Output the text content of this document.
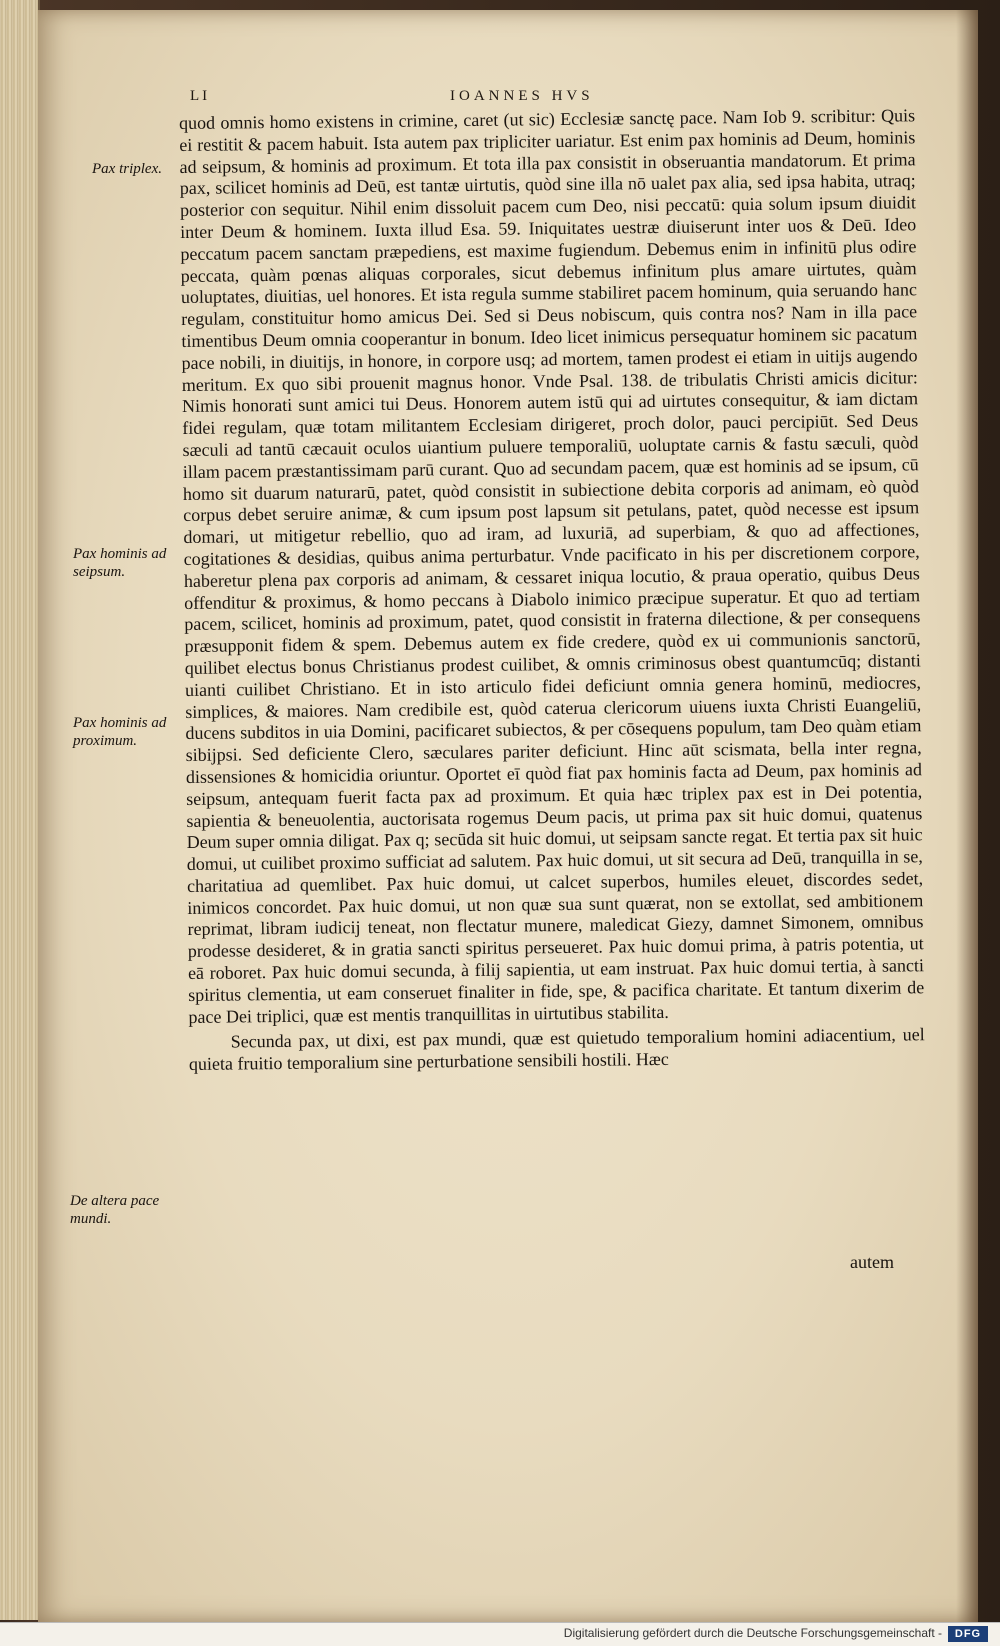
LI	IOANNES HVS
Pax triplex.
Pax hominis ad seipsum.
Pax hominis ad proximum.
De altera pace mundi.

quod omnis homo existens in crimine, caret (ut sic) Ecclesiæ sanctę pace. Nam Iob 9. scribitur: Quis ei restitit & pacem habuit. Ista autem pax tripliciter uariatur. Est enim pax hominis ad Deum, hominis ad seipsum, & hominis ad proximum. Et tota illa pax consistit in obseruantia mandatorum. Et prima pax, scilicet hominis ad Deū, est tantæ uirtutis, quòd sine illa nō ualet pax alia, sed ipsa habita, utraq; posterior con sequitur. Nihil enim dissoluit pacem cum Deo, nisi peccatū: quia solum ipsum diuidit inter Deum & hominem. Iuxta illud Esa. 59. Iniquitates uestræ diuiserunt inter uos & Deū. Ideo peccatum pacem sanctam præpediens, est maxime fugiendum. Debemus enim in infinitū plus odire peccata, quàm pœnas aliquas corporales, sicut debemus infinitum plus amare uirtutes, quàm uoluptates, diuitias, uel honores. Et ista regula summe stabiliret pacem hominum, quia seruando hanc regulam, constituitur homo amicus Dei. Sed si Deus nobiscum, quis contra nos? Nam in illa pace timentibus Deum omnia cooperantur in bonum. Ideo licet inimicus persequatur hominem sic pacatum pace nobili, in diuitijs, in honore, in corpore usq; ad mortem, tamen prodest ei etiam in uitijs augendo meritum. Ex quo sibi prouenit magnus honor. Vnde Psal. 138. de tribulatis Christi amicis dicitur: Nimis honorati sunt amici tui Deus. Honorem autem istū qui ad uirtutes consequitur, & iam dictam fidei regulam, quæ totam militantem Ecclesiam dirigeret, proch dolor, pauci percipiūt. Sed Deus sæculi ad tantū cæcauit oculos uiantium puluere temporaliū, uoluptate carnis & fastu sæculi, quòd illam pacem præstantissimam parū curant. Quo ad secundam pacem, quæ est hominis ad se ipsum, cū homo sit duarum naturarū, patet, quòd consistit in subiectione debita corporis ad animam, eò quòd corpus debet seruire animæ, & cum ipsum post lapsum sit petulans, patet, quòd necesse est ipsum domari, ut mitigetur rebellio, quo ad iram, ad luxuriā, ad superbiam, & quo ad affectiones, cogitationes & desidias, quibus anima perturbatur. Vnde pacificato in his per discretionem corpore, haberetur plena pax corporis ad animam, & cessaret iniqua locutio, & praua operatio, quibus Deus offenditur & proximus, & homo peccans à Diabolo inimico præcipue superatur. Et quo ad tertiam pacem, scilicet, hominis ad proximum, patet, quod consistit in fraterna dilectione, & per consequens præsupponit fidem & spem. Debemus autem ex fide credere, quòd ex ui communionis sanctorū, quilibet electus bonus Christianus prodest cuilibet, & omnis criminosus obest quantumcūq; distanti uianti cuilibet Christiano. Et in isto articulo fidei deficiunt omnia genera hominū, mediocres, simplices, & maiores. Nam credibile est, quòd caterua clericorum uiuens iuxta Christi Euangeliū, ducens subditos in uia Domini, pacificaret subiectos, & per cōsequens populum, tam Deo quàm etiam sibijpsi. Sed deficiente Clero, sæculares pariter deficiunt. Hinc aūt scismata, bella inter regna, dissensiones & homicidia oriuntur. Oportet eī quòd fiat pax hominis facta ad Deum, pax hominis ad seipsum, antequam fuerit facta pax ad proximum. Et quia hæc triplex pax est in Dei potentia, sapientia & beneuolentia, auctorisata rogemus Deum pacis, ut prima pax sit huic domui, quatenus Deum super omnia diligat. Pax q; secūda sit huic domui, ut seipsam sancte regat. Et tertia pax sit huic domui, ut cuilibet proximo sufficiat ad salutem. Pax huic domui, ut sit secura ad Deū, tranquilla in se, charitatiua ad quemlibet. Pax huic domui, ut calcet superbos, humiles eleuet, discordes sedet, inimicos concordet. Pax huic domui, ut non quæ sua sunt quærat, non se extollat, sed ambitionem reprimat, libram iudicij teneat, non flectatur munere, maledicat Giezy, damnet Simonem, omnibus prodesse desideret, & in gratia sancti spiritus perseueret. Pax huic domui prima, à patris potentia, ut eā roboret. Pax huic domui secunda, à filij sapientia, ut eam instruat. Pax huic domui tertia, à sancti spiritus clementia, ut eam conseruet finaliter in fide, spe, & pacifica charitate. Et tantum dixerim de pace Dei triplici, quæ est mentis tranquillitas in uirtutibus stabilita.

Secunda pax, ut dixi, est pax mundi, quæ est quietudo temporalium homini adiacentium, uel quieta fruitio temporalium sine perturbatione sensibili hostili. Hæc

autem
Digitalisierung gefördert durch die Deutsche Forschungsgemeinschaft -	DFG
